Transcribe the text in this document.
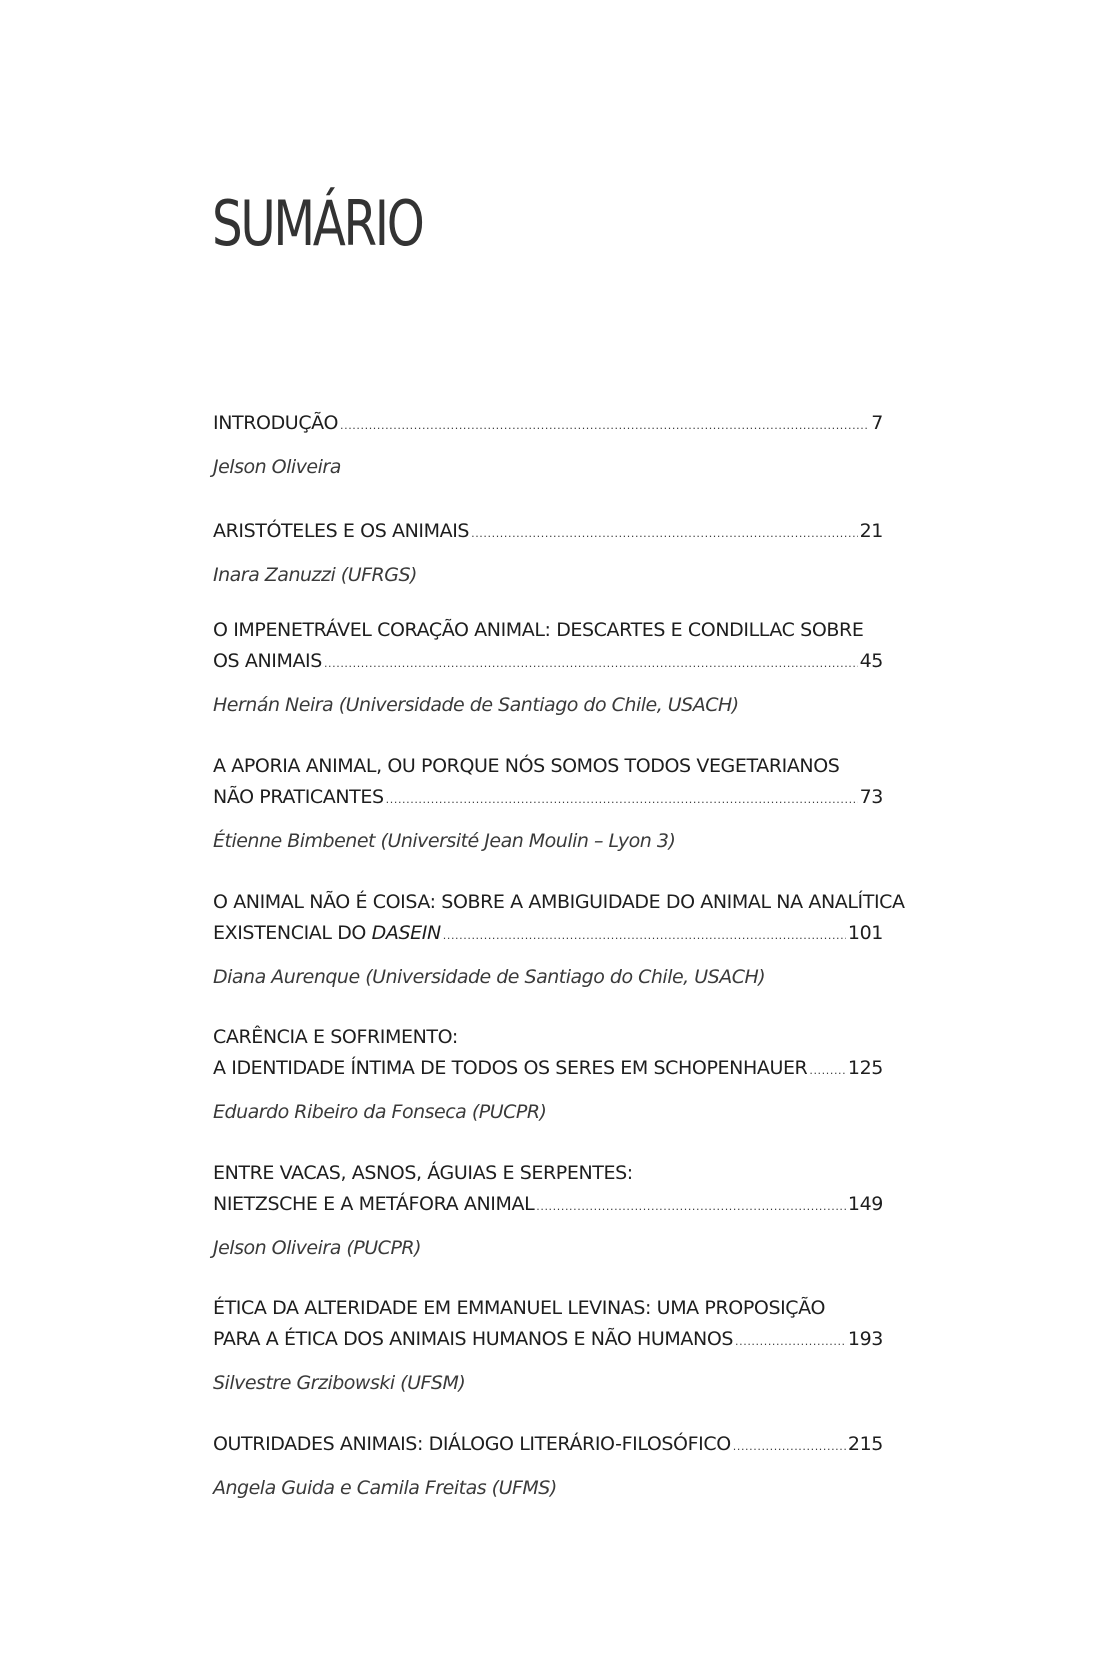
SUMÁRIO
INTRODUÇÃO .....	7
Jelson Oliveira
ARISTÓTELES E OS ANIMAIS .....	21
Inara Zanuzzi (UFRGS)
O IMPENETRÁVEL CORAÇÃO ANIMAL: DESCARTES E CONDILLAC SOBRE
OS ANIMAIS .....	45
Hernán Neira (Universidade de Santiago do Chile, USACH)
A APORIA ANIMAL, OU PORQUE NÓS SOMOS TODOS VEGETARIANOS
NÃO PRATICANTES .....	73
Étienne Bimbenet (Université Jean Moulin – Lyon 3)
O ANIMAL NÃO É COISA: SOBRE A AMBIGUIDADE DO ANIMAL NA ANALÍTICA
EXISTENCIAL DO DASEIN .....	101
Diana Aurenque (Universidade de Santiago do Chile, USACH)
CARÊNCIA E SOFRIMENTO:
A IDENTIDADE ÍNTIMA DE TODOS OS SERES EM SCHOPENHAUER ..... 125
Eduardo Ribeiro da Fonseca (PUCPR)
ENTRE VACAS, ASNOS, ÁGUIAS E SERPENTES:
NIETZSCHE E A METÁFORA ANIMAL .....	149
Jelson Oliveira (PUCPR)
ÉTICA DA ALTERIDADE EM EMMANUEL LEVINAS: UMA PROPOSIÇÃO
PARA A ÉTICA DOS ANIMAIS HUMANOS E NÃO HUMANOS .....	193
Silvestre Grzibowski (UFSM)
OUTRIDADES ANIMAIS: DIÁLOGO LITERÁRIO-FILOSÓFICO .....	215
Angela Guida e Camila Freitas (UFMS)
